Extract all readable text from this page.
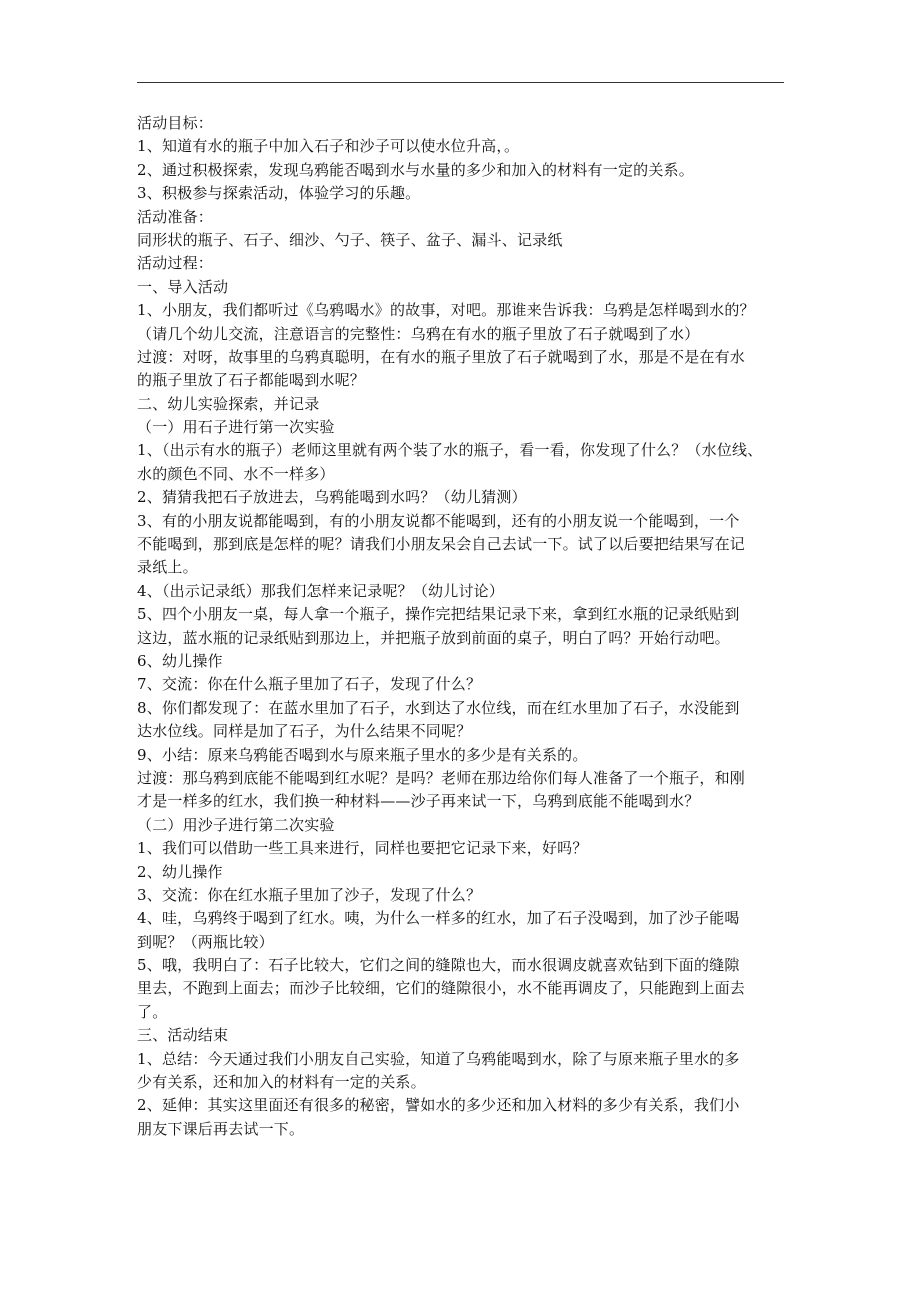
活动目标：
1、知道有水的瓶子中加入石子和沙子可以使水位升高，。
2、通过积极探索，发现乌鸦能否喝到水与水量的多少和加入的材料有一定的关系。
3、积极参与探索活动，体验学习的乐趣。
活动准备：
同形状的瓶子、石子、细沙、勺子、筷子、盆子、漏斗、记录纸
活动过程：
一、导入活动
1、小朋友，我们都听过《乌鸦喝水》的故事，对吧。那谁来告诉我：乌鸦是怎样喝到水的？
（请几个幼儿交流，注意语言的完整性：乌鸦在有水的瓶子里放了石子就喝到了水）
过渡：对呀，故事里的乌鸦真聪明，在有水的瓶子里放了石子就喝到了水，那是不是在有水
的瓶子里放了石子都能喝到水呢？
二、幼儿实验探索，并记录
（一）用石子进行第一次实验
1、（出示有水的瓶子）老师这里就有两个装了水的瓶子，看一看，你发现了什么？（水位线、
水的颜色不同、水不一样多）
2、猜猜我把石子放进去，乌鸦能喝到水吗？（幼儿猜测）
3、有的小朋友说都能喝到，有的小朋友说都不能喝到，还有的小朋友说一个能喝到，一个
不能喝到，那到底是怎样的呢？请我们小朋友呆会自己去试一下。试了以后要把结果写在记
录纸上。
4、（出示记录纸）那我们怎样来记录呢？（幼儿讨论）
5、四个小朋友一桌，每人拿一个瓶子，操作完把结果记录下来，拿到红水瓶的记录纸贴到
这边，蓝水瓶的记录纸贴到那边上，并把瓶子放到前面的桌子，明白了吗？开始行动吧。
6、幼儿操作
7、交流：你在什么瓶子里加了石子，发现了什么？
8、你们都发现了：在蓝水里加了石子，水到达了水位线，而在红水里加了石子，水没能到
达水位线。同样是加了石子，为什么结果不同呢？
9、小结：原来乌鸦能否喝到水与原来瓶子里水的多少是有关系的。
过渡：那乌鸦到底能不能喝到红水呢？是吗？老师在那边给你们每人准备了一个瓶子，和刚
才是一样多的红水，我们换一种材料——沙子再来试一下，乌鸦到底能不能喝到水？
（二）用沙子进行第二次实验
1、我们可以借助一些工具来进行，同样也要把它记录下来，好吗？
2、幼儿操作
3、交流：你在红水瓶子里加了沙子，发现了什么？
4、哇，乌鸦终于喝到了红水。咦，为什么一样多的红水，加了石子没喝到，加了沙子能喝
到呢？（两瓶比较）
5、哦，我明白了：石子比较大，它们之间的缝隙也大，而水很调皮就喜欢钻到下面的缝隙
里去，不跑到上面去；而沙子比较细，它们的缝隙很小，水不能再调皮了，只能跑到上面去
了。
三、活动结束
1、总结：今天通过我们小朋友自己实验，知道了乌鸦能喝到水，除了与原来瓶子里水的多
少有关系，还和加入的材料有一定的关系。
2、延伸：其实这里面还有很多的秘密，譬如水的多少还和加入材料的多少有关系，我们小
朋友下课后再去试一下。
